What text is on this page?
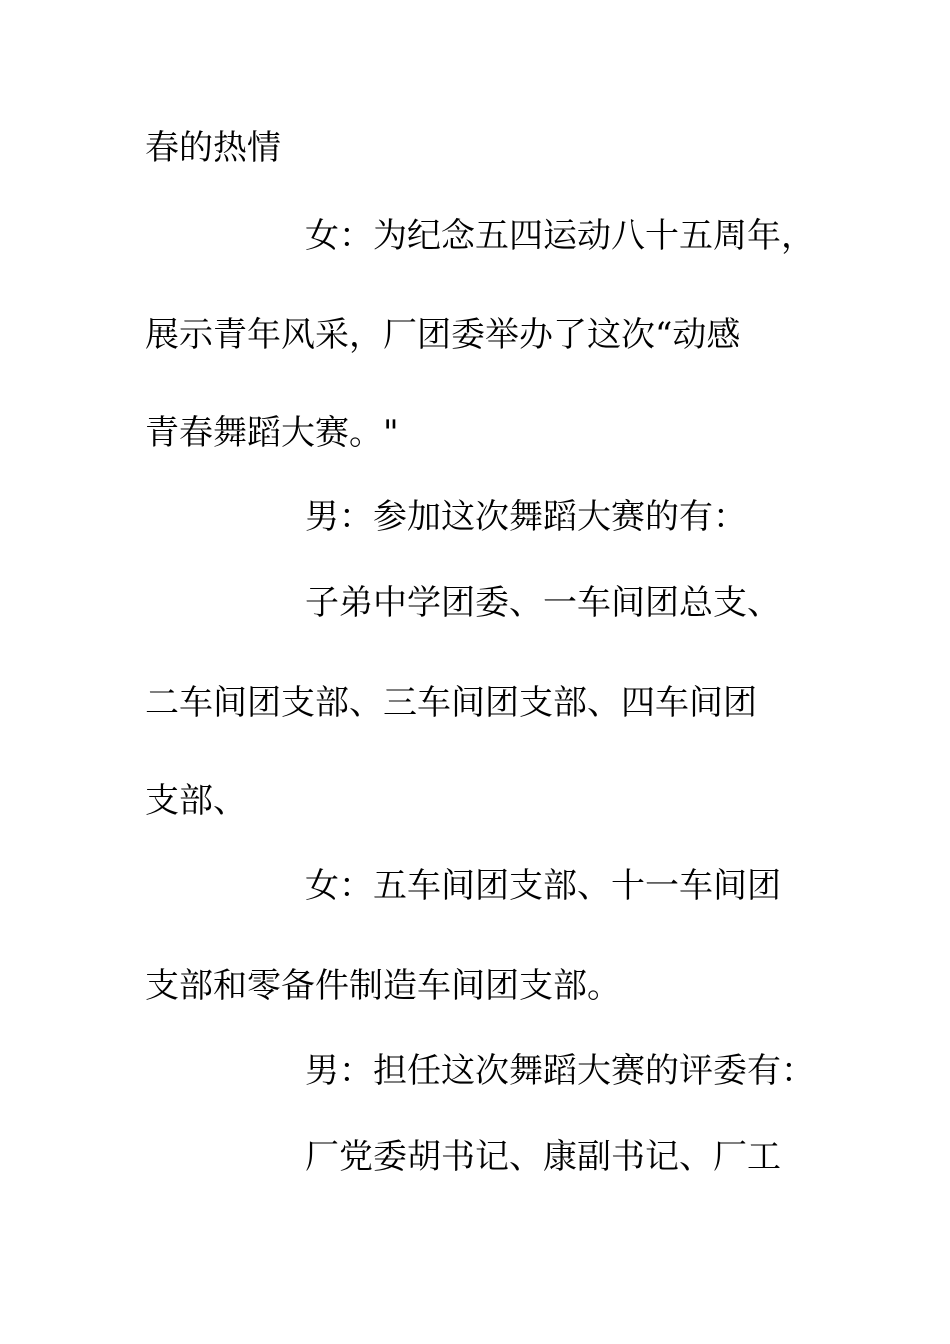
春的热情
女：为纪念五四运动八十五周年，
展示青年风采，厂团委举办了这次“动感
青春舞蹈大赛。"
男：参加这次舞蹈大赛的有：
子弟中学团委、一车间团总支、
二车间团支部、三车间团支部、四车间团
支部、
女：五车间团支部、十一车间团
支部和零备件制造车间团支部。
男：担任这次舞蹈大赛的评委有：
厂党委胡书记、康副书记、厂工
